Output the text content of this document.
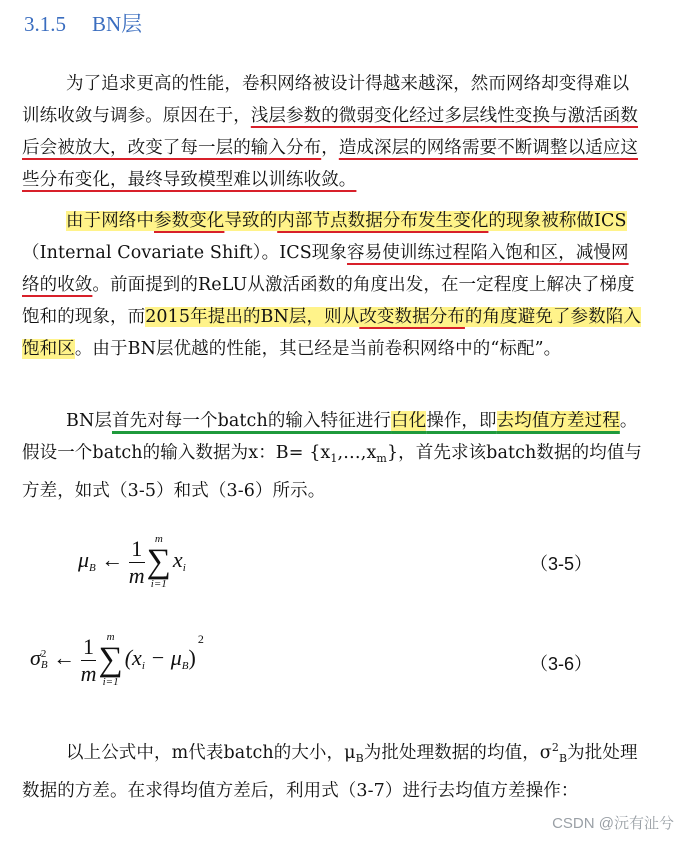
3.1.5 BN层
为了追求更高的性能，卷积网络被设计得越来越深，然而网络却变得难以训练收敛与调参。原因在于，浅层参数的微弱变化经过多层线性变换与激活函数后会被放大，改变了每一层的输入分布，造成深层的网络需要不断调整以适应这些分布变化，最终导致模型难以训练收敛。
由于网络中参数变化导致的内部节点数据分布发生变化的现象被称做ICS（Internal Covariate Shift）。ICS现象容易使训练过程陷入饱和区，减慢网络的收敛。前面提到的ReLU从激活函数的角度出发，在一定程度上解决了梯度饱和的现象，而2015年提出的BN层，则从改变数据分布的角度避免了参数陷入饱和区。由于BN层优越的性能，其已经是当前卷积网络中的“标配”。
BN层首先对每一个batch的输入特征进行白化操作，即去均值方差过程。假设一个batch的输入数据为x：$B= \{x_1,\dots,x_m\}$，首先求该batch数据的均值与方差，如式（3-5）和式（3-6）所示。
$\mu_B$ ← $\frac{1}{m}$ m
∑
i=1
$x_i$	（3-5）
σ 2
B ← $\frac{1}{m}$ m
∑
i=1
$(x_i - \mu_B)^2$
（3-6）
以上公式中，m代表batch的大小，$\mu_B$为批处理数据的均值，$\sigma^2_B$为批处理数据的方差。在求得均值方差后，利用式（3-7）进行去均值方差操作：
CSDN @沅有沚兮
